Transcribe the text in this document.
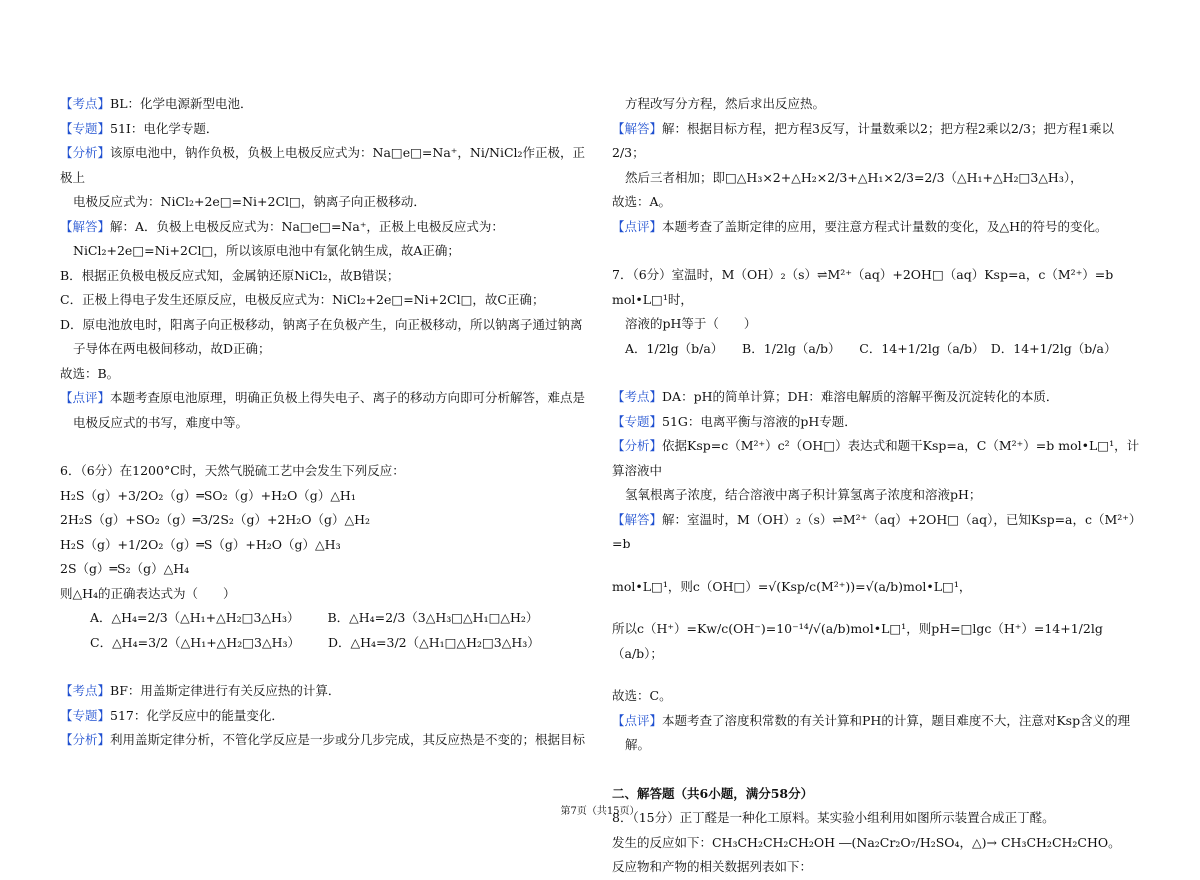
【考点】BL：化学电源新型电池．

【专题】51I：电化学专题．

【分析】该原电池中，钠作负极，负极上电极反应式为：Na□e□=Na⁺，Ni/NiCl₂作正极，正极上

电极反应式为：NiCl₂+2e□=Ni+2Cl□，钠离子向正极移动．

【解答】解：A．负极上电极反应式为：Na□e□=Na⁺，正极上电极反应式为：

NiCl₂+2e□=Ni+2Cl□，所以该原电池中有氯化钠生成，故A正确；

B．根据正负极电极反应式知，金属钠还原NiCl₂，故B错误；

C．正极上得电子发生还原反应，电极反应式为：NiCl₂+2e□=Ni+2Cl□，故C正确；

D．原电池放电时，阳离子向正极移动，钠离子在负极产生，向正极移动，所以钠离子通过钠离

子导体在两电极间移动，故D正确；

故选：B。

【点评】本题考查原电池原理，明确正负极上得失电子、离子的移动方向即可分析解答，难点是

电极反应式的书写，难度中等。

6．（6分）在1200°C时，天然气脱硫工艺中会发生下列反应：

H₂S（g）+3/2O₂（g）═SO₂（g）+H₂O（g）△H₁

2H₂S（g）+SO₂（g）═3/2S₂（g）+2H₂O（g）△H₂

H₂S（g）+1/2O₂（g）═S（g）+H₂O（g）△H₃

2S（g）═S₂（g）△H₄

则△H₄的正确表达式为（　　）

A．△H₄=2/3（△H₁+△H₂□3△H₃） B．△H₄=2/3（3△H₃□△H₁□△H₂）

C．△H₄=3/2（△H₁+△H₂□3△H₃） D．△H₄=3/2（△H₁□△H₂□3△H₃）

【考点】BF：用盖斯定律进行有关反应热的计算．

【专题】517：化学反应中的能量变化．

【分析】利用盖斯定律分析，不管化学反应是一步或分几步完成，其反应热是不变的；根据目标

方程改写分方程，然后求出反应热。

【解答】解：根据目标方程，把方程3反写，计量数乘以2；把方程2乘以2/3；把方程1乘以2/3；

然后三者相加；即□△H₃×2+△H₂×2/3+△H₁×2/3=2/3（△H₁+△H₂□3△H₃），

故选：A。

【点评】本题考查了盖斯定律的应用，要注意方程式计量数的变化，及△H的符号的变化。

7．（6分）室温时，M（OH）₂（s）⇌M²⁺（aq）+2OH□（aq）Ksp=a，c（M²⁺）=b mol•L□¹时，

溶液的pH等于（　　）

A．1/2lg（b/a）　　B．1/2lg（a/b）　　C．14+1/2lg（a/b）　D．14+1/2lg（b/a）

【考点】DA：pH的简单计算；DH：难溶电解质的溶解平衡及沉淀转化的本质．

【专题】51G：电离平衡与溶液的pH专题．

【分析】依据Ksp=c（M²⁺）c²（OH□）表达式和题干Ksp=a，C（M²⁺）=b mol•L□¹，计算溶液中

氢氧根离子浓度，结合溶液中离子积计算氢离子浓度和溶液pH；

【解答】解：室温时，M（OH）₂（s）⇌M²⁺（aq）+2OH□（aq），已知Ksp=a，c（M²⁺）=b

mol•L□¹，则c（OH□）=√(Ksp/c(M²⁺))=√(a/b)mol•L□¹，

所以c（H⁺）=Kw/c(OH⁻)=10⁻¹⁴/√(a/b)mol•L□¹，则pH=□lgc（H⁺）=14+1/2lg（a/b）；

故选：C。

【点评】本题考查了溶度积常数的有关计算和PH的计算，题目难度不大，注意对Ksp含义的理

解。

二、解答题（共6小题，满分58分）

8．（15分）正丁醛是一种化工原料。某实验小组利用如图所示装置合成正丁醛。

发生的反应如下：CH₃CH₂CH₂CH₂OH ―(Na₂Cr₂O₇/H₂SO₄，△)→ CH₃CH₂CH₂CHO。

反应物和产物的相关数据列表如下：

第7页（共15页）
